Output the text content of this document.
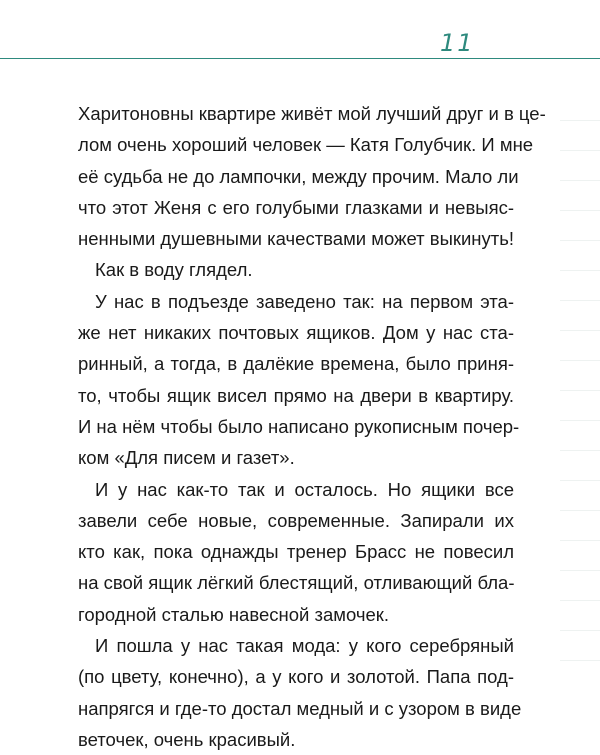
11
Харитоновны квартире живёт мой лучший друг и в це-
лом очень хороший человек — Катя Голубчик. И мне
её судьба не до лампочки, между прочим. Мало ли
что этот Женя с его голубыми глазками и невыяс-
ненными душевными качествами может выкинуть!
Как в воду глядел.
У нас в подъезде заведено так: на первом эта-
же нет никаких почтовых ящиков. Дом у нас ста-
ринный, а тогда, в далёкие времена, было приня-
то, чтобы ящик висел прямо на двери в квартиру.
И на нём чтобы было написано рукописным почер-
ком «Для писем и газет».
И у нас как-то так и осталось. Но ящики все
завели себе новые, современные. Запирали их
кто как, пока однажды тренер Брасс не повесил
на свой ящик лёгкий блестящий, отливающий бла-
городной сталью навесной замочек.
И пошла у нас такая мода: у кого серебряный
(по цвету, конечно), а у кого и золотой. Папа под-
напрягся и где-то достал медный и с узором в виде
веточек, очень красивый.
